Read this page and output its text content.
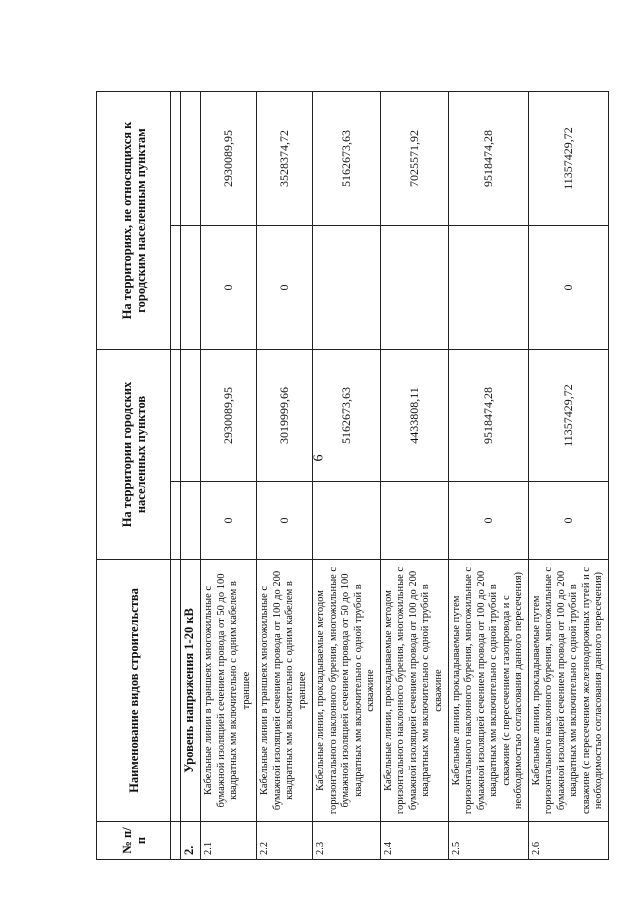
6
№ п/п	Наименование видов строительства	На территории городских населенных пунктов		На территориях, не относящихся к городским населенным пунктам	

2.	Уровень напряжения 1-20 кВ				
2.1	Кабельные линии в траншеях многожильные с бумажной изоляцией сечением провода от 50 до 100 квадратных мм включительно с одним кабелем в траншее	0	2930089,95	0	2930089,95
2.2	Кабельные линии в траншеях многожильные с бумажной изоляцией сечением провода от 100 до 200 квадратных мм включительно с одним кабелем в траншее	0	3019999,66	0	3528374,72
2.3	Кабельные линии, прокладываемые методом горизонтального наклонного бурения, многожильные с бумажной изоляцией сечением провода от 50 до 100 квадратных мм включительно с одной трубой в скважине		5162673,63		5162673,63
2.4	Кабельные линии, прокладываемые методом горизонтального наклонного бурения, многожильные с бумажной изоляцией сечением провода от 100 до 200 квадратных мм включительно с одной трубой в скважине		4433808,11		7025571,92
2.5	Кабельные линии, прокладываемые путем горизонтального наклонного бурения, многожильные с бумажной изоляцией сечением провода от 100 до 200 квадратных мм включительно с одной трубой в скважине (с пересечением газопровода и с необходимостью согласования данного пересечения)	0	9518474,28		9518474,28
2.6	Кабельные линии, прокладываемые путем горизонтального наклонного бурения, многожильные с бумажной изоляцией сечением провода от 100 до 200 квадратных мм включительно с одной трубой в скважине (с пересечением железнодорожных путей и с необходимостью согласования данного пересечения)	0	11357429,72	0	11357429,72
